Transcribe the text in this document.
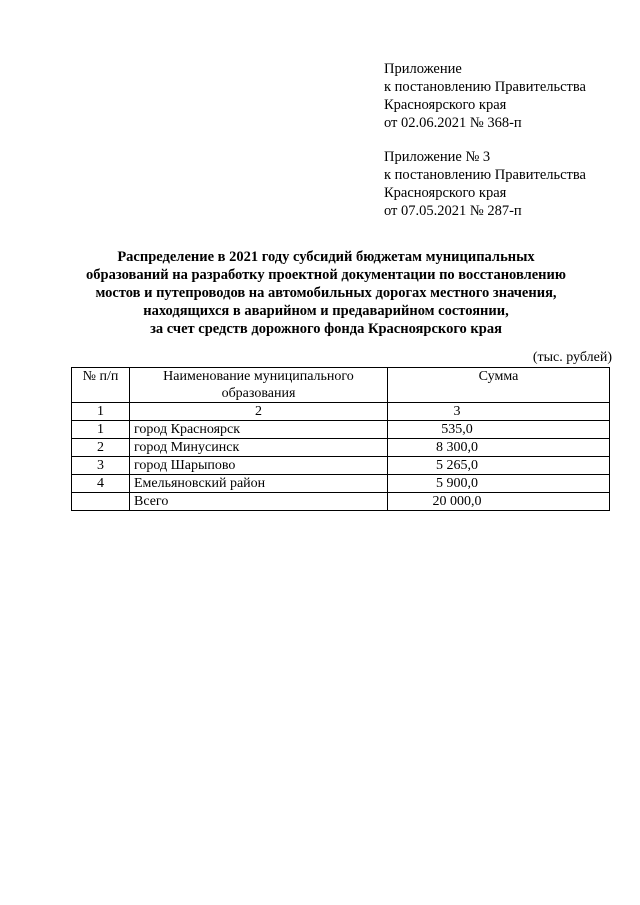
Приложение
к постановлению Правительства
Красноярского края
от 02.06.2021 № 368-п
Приложение № 3
к постановлению Правительства
Красноярского края
от 07.05.2021 № 287-п
Распределение в 2021 году субсидий бюджетам муниципальных
образований на разработку проектной документации по восстановлению
мостов и путепроводов на автомобильных дорогах местного значения,
находящихся в аварийном и предаварийном состоянии,
за счет средств дорожного фонда Красноярского края
(тыс. рублей)
№ п/п	Наименование муниципального образования	Сумма
1	2	3
1	город Красноярск	535,0
2	город Минусинск	8 300,0
3	город Шарыпово	5 265,0
4	Емельяновский район	5 900,0
	Всего	20 000,0
